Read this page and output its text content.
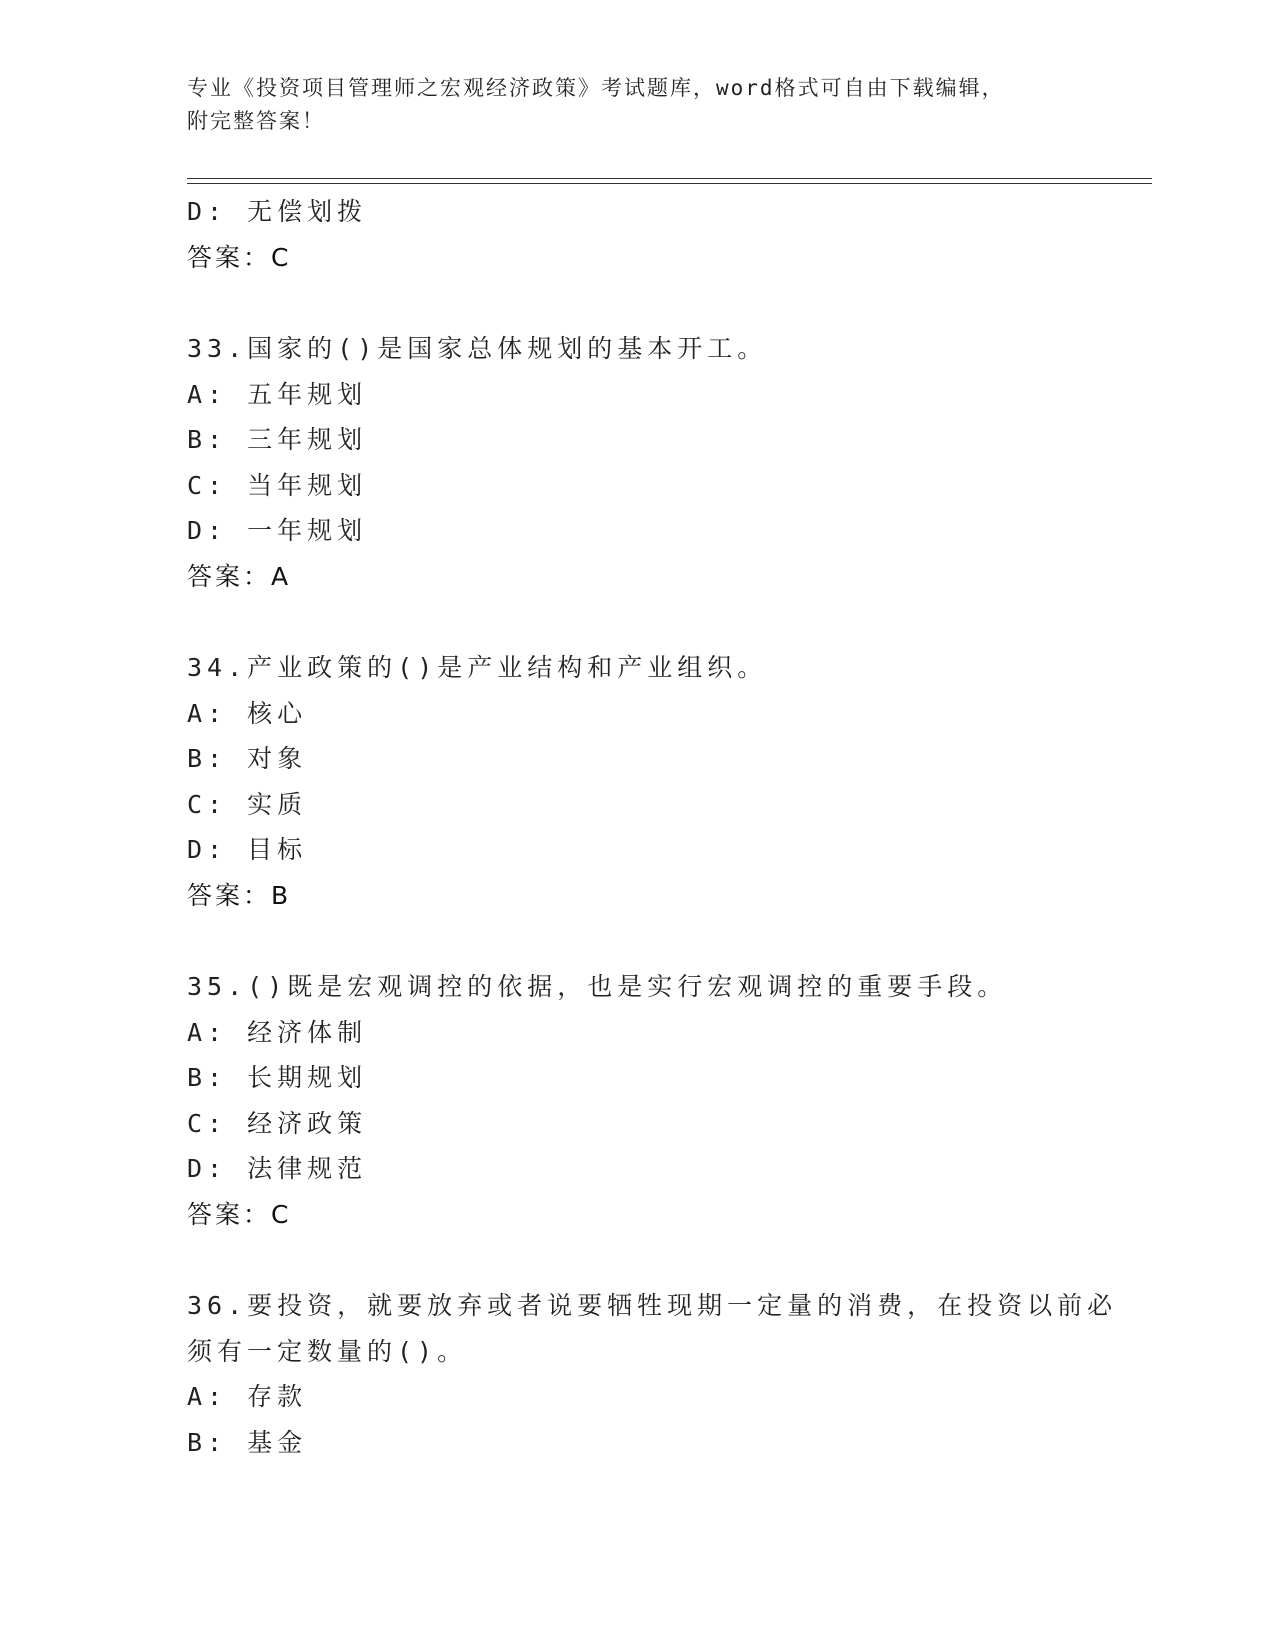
专业《投资项目管理师之宏观经济政策》考试题库，word格式可自由下载编辑，
附完整答案！
D: 无偿划拨
答案：C
33.国家的()是国家总体规划的基本开工。
A: 五年规划
B: 三年规划
C: 当年规划
D: 一年规划
答案：A
34.产业政策的()是产业结构和产业组织。
A: 核心
B: 对象
C: 实质
D: 目标
答案：B
35.()既是宏观调控的依据，也是实行宏观调控的重要手段。
A: 经济体制
B: 长期规划
C: 经济政策
D: 法律规范
答案：C
36.要投资，就要放弃或者说要牺牲现期一定量的消费，在投资以前必
须有一定数量的()。
A: 存款
B: 基金
